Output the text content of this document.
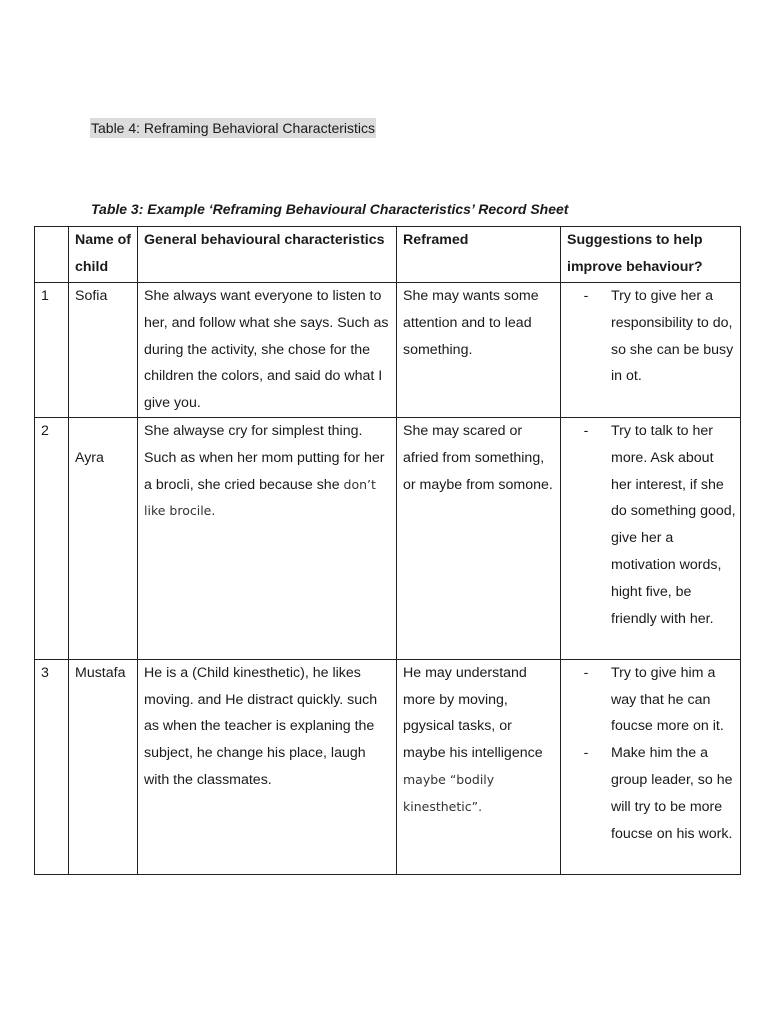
Table 4: Reframing Behavioral Characteristics
Table 3: Example ‘Reframing Behavioural Characteristics’ Record Sheet
	Name of child	General behavioural characteristics	Reframed	Suggestions to help improve behaviour?
1	Sofia	She always want everyone to listen to her, and follow what she says. Such as during the activity, she chose for the children the colors, and said do what I give you.	She may wants some attention and to lead something.	- Try to give her a responsibility to do, so she can be busy in ot.

2	Ayra	She alwayse cry for simplest thing. Such as when her mom putting for her a brocli, she cried because she don’t like brocile.	She may scared or afried from something, or maybe from somone.	- Try to talk to her more. Ask about her interest, if she do something good, give her a motivation words, hight five, be friendly with her.

3	Mustafa	He is a (Child kinesthetic), he likes moving. and He distract quickly. such as when the teacher is explaning the subject, he change his place, laugh with the classmates.	He may understand more by moving, pgysical tasks, or maybe his intelligence maybe “bodily kinesthetic”.	- Try to give him a way that he can foucse more on it.
- Make him the a group leader, so he will try to be more foucse on his work.
